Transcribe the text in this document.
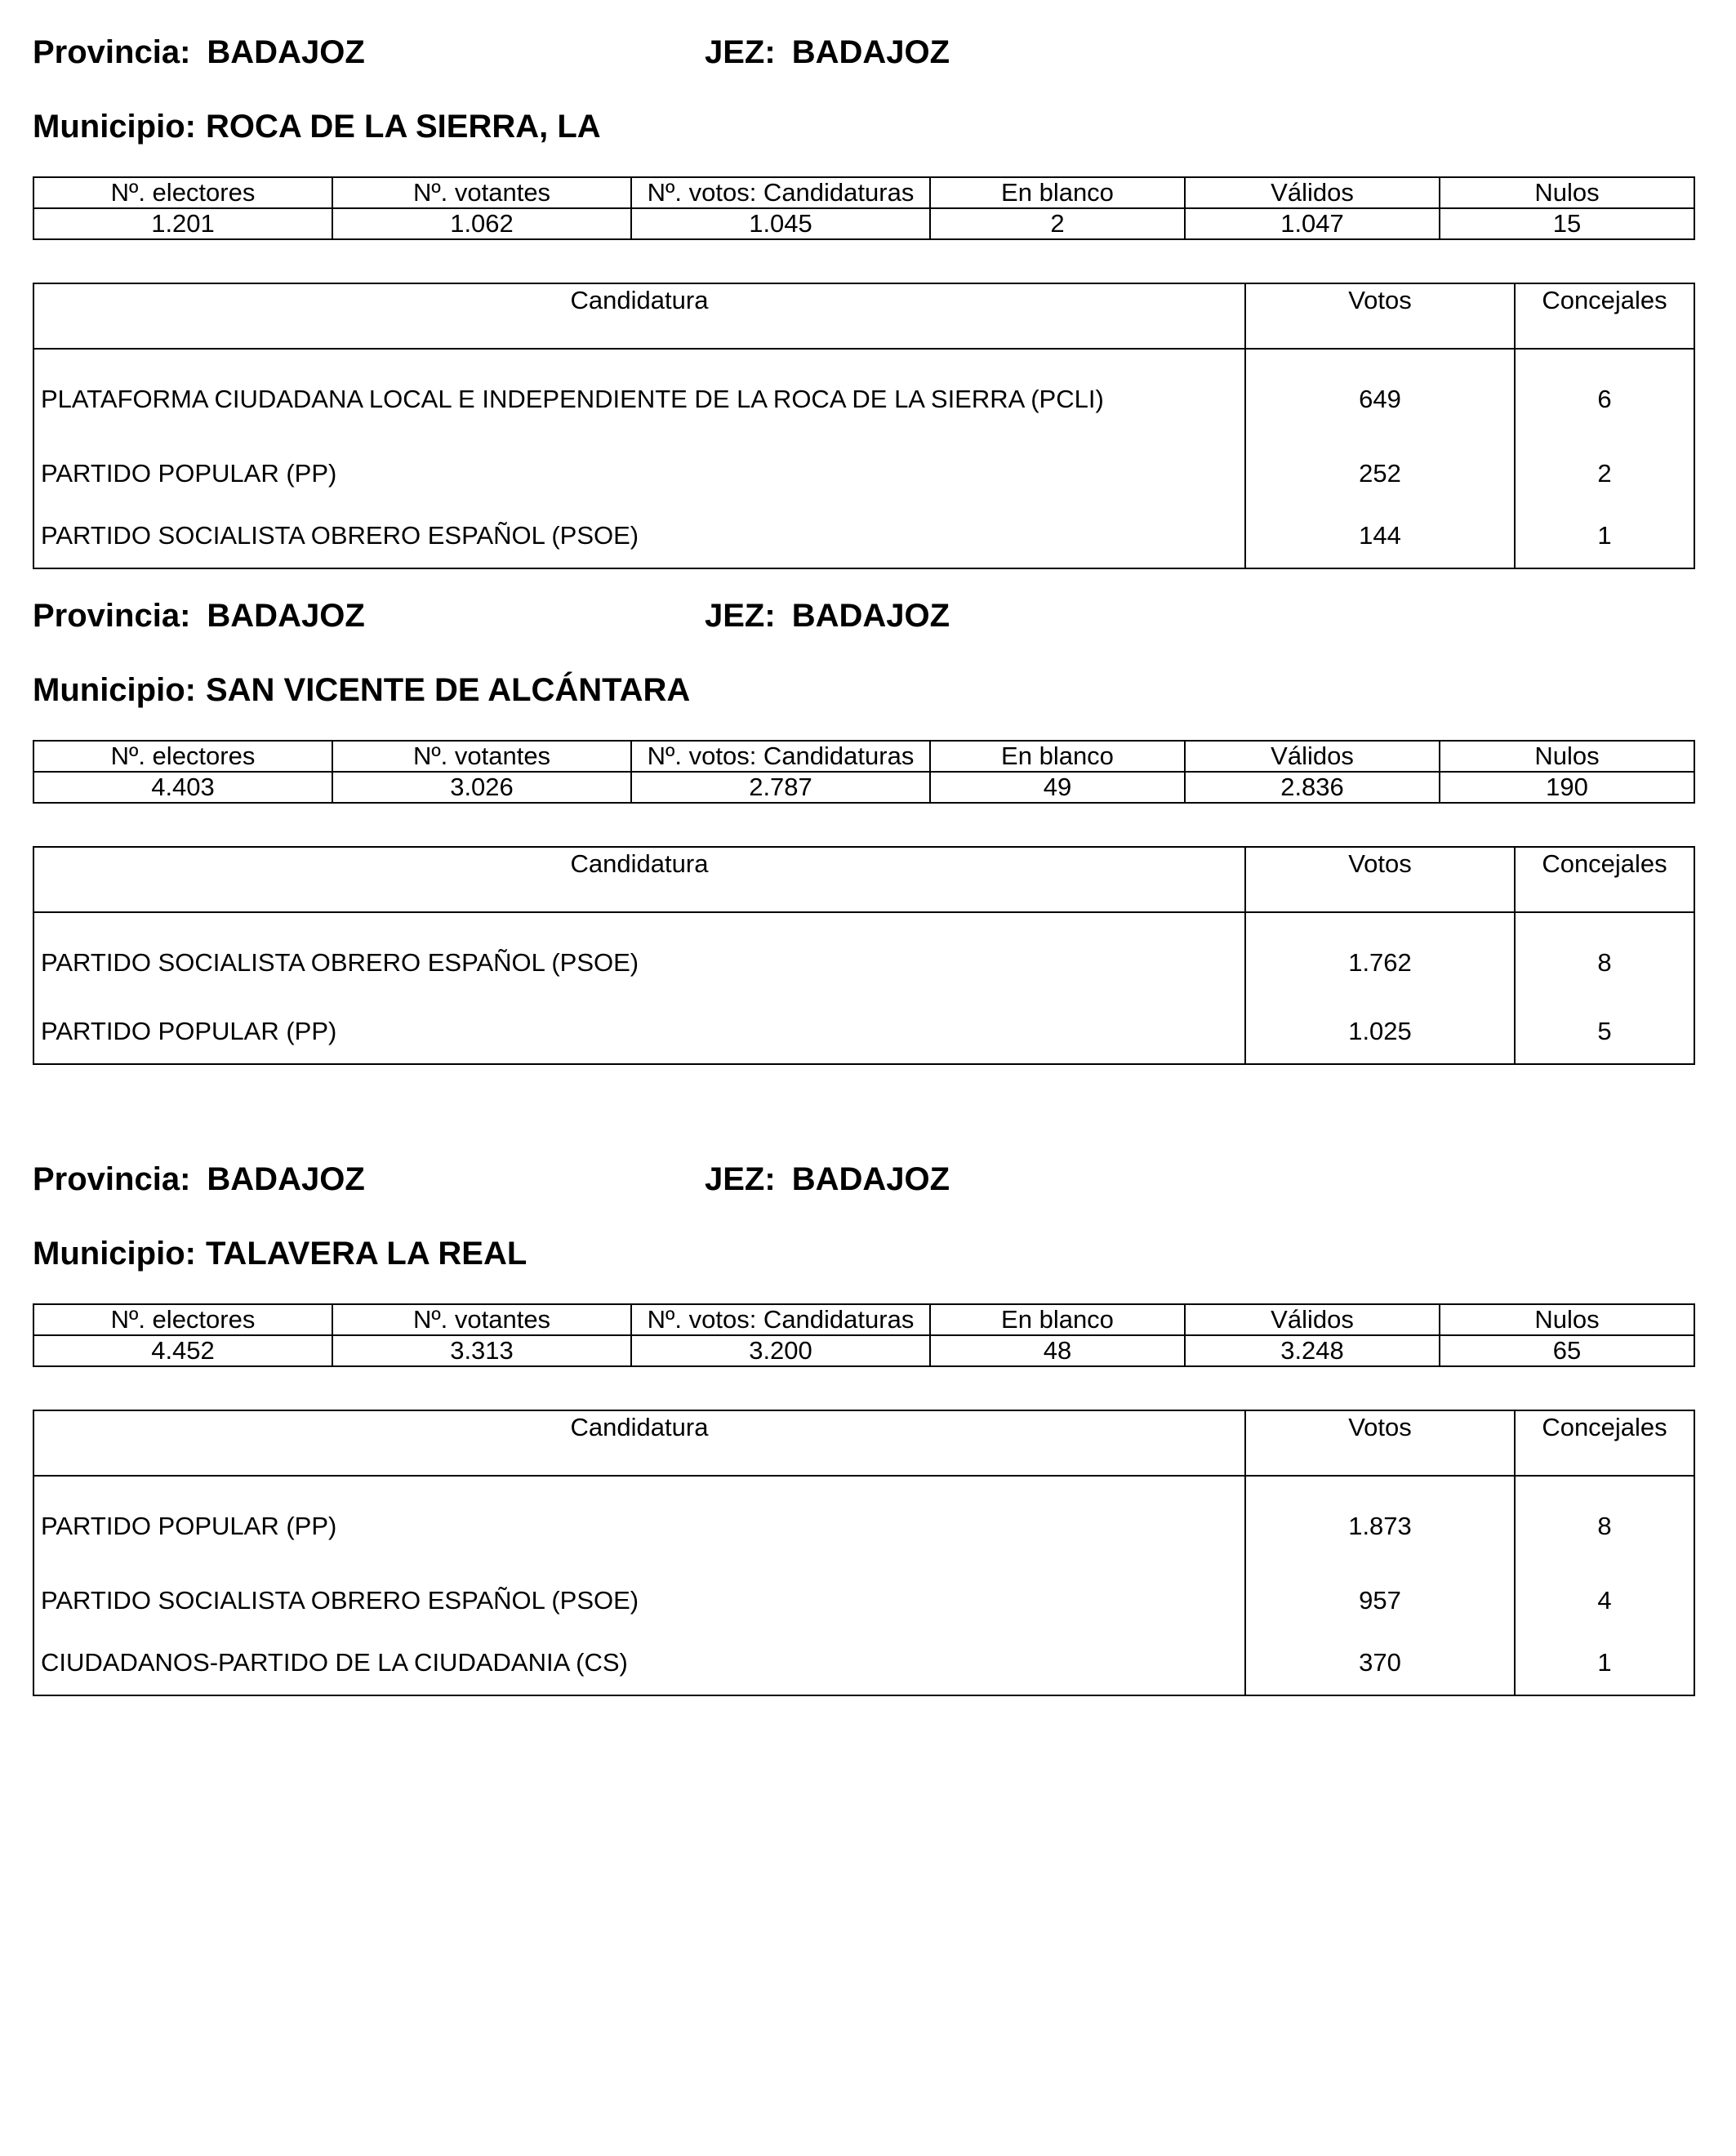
Provincia: BADAJOZ	JEZ: BADAJOZ
Municipio: ROCA DE LA SIERRA, LA
Nº. electores	Nº. votantes	Nº. votos: Candidaturas	En blanco	Válidos	Nulos
1.201	1.062	1.045	2	1.047	15
Candidatura	Votos	Concejales
PLATAFORMA CIUDADANA LOCAL E INDEPENDIENTE DE LA ROCA DE LA SIERRA (PCLI)	649	6
PARTIDO POPULAR (PP)	252	2
PARTIDO SOCIALISTA OBRERO ESPAÑOL (PSOE)	144	1
Provincia: BADAJOZ	JEZ: BADAJOZ
Municipio: SAN VICENTE DE ALCÁNTARA
Nº. electores	Nº. votantes	Nº. votos: Candidaturas	En blanco	Válidos	Nulos
4.403	3.026	2.787	49	2.836	190
Candidatura	Votos	Concejales
PARTIDO SOCIALISTA OBRERO ESPAÑOL (PSOE)	1.762	8
PARTIDO POPULAR (PP)	1.025	5
Provincia: BADAJOZ	JEZ: BADAJOZ
Municipio: TALAVERA LA REAL
Nº. electores	Nº. votantes	Nº. votos: Candidaturas	En blanco	Válidos	Nulos
4.452	3.313	3.200	48	3.248	65
Candidatura	Votos	Concejales
PARTIDO POPULAR (PP)	1.873	8
PARTIDO SOCIALISTA OBRERO ESPAÑOL (PSOE)	957	4
CIUDADANOS-PARTIDO DE LA CIUDADANIA (CS)	370	1
